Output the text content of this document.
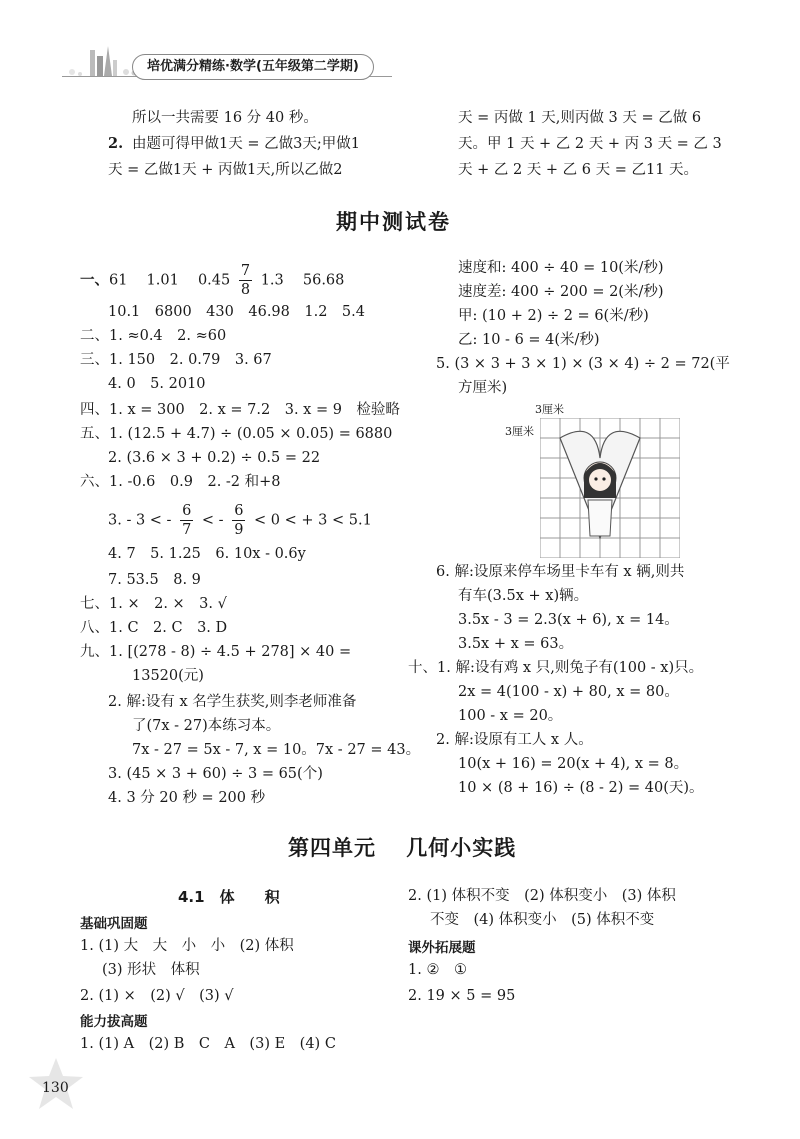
培优满分精练·数学(五年级第二学期)
所以一共需要 16 分 40 秒。
2. 由题可得甲做1天 = 乙做3天;甲做1
天 = 乙做1天 + 丙做1天,所以乙做2
天 = 丙做 1 天,则丙做 3 天 = 乙做 6
天。甲 1 天 + 乙 2 天 + 丙 3 天 = 乙 3
天 + 乙 2 天 + 乙 6 天 = 乙11 天。
期中测试卷
一、61　 1.01　 $0.45 \frac{7}{8} 1.3$　 56.68
10.1　6800　430　46.98　1.2　5.4
二、1. ≈0.4　2. ≈60
三、1. 150　2. 0.79　3. 67
4. 0　5. 2010
四、1. x = 300　2. x = 7.2　3. x = 9　检验略
五、1. (12.5 + 4.7) ÷ (0.05 × 0.05) = 6880
2. (3.6 × 3 + 0.2) ÷ 0.5 = 22
六、1. -0.6　0.9　2. -2 和+8
3. - 3 < - $\frac{6}{7}$ < - $\frac{6}{9} < 0$ < + 3 < 5.1
4. 7　5. 1.25　6. 10x - 0.6y
7. 53.5　8. 9
七、1. ×　2. ×　3. √
八、1. C　2. C　3. D
九、1. [(278 - 8) ÷ 4.5 + 278] × 40 =
13520(元)
2. 解:设有 x 名学生获奖,则李老师准备
了(7x - 27)本练习本。
7x - 27 = 5x - 7, x = 10。7x - 27 = 43。
3. (45 × 3 + 60) ÷ 3 = 65(个)
4. 3 分 20 秒 = 200 秒
速度和: 400 ÷ 40 = 10(米/秒)
速度差: 400 ÷ 200 = 2(米/秒)
甲: (10 + 2) ÷ 2 = 6(米/秒)
乙: 10 - 6 = 4(米/秒)
5. (3 × 3 + 3 × 1) × (3 × 4) ÷ 2 = 72(平
方厘米)
3厘米
3厘米
6. 解:设原来停车场里卡车有 x 辆,则共
有车(3.5x + x)辆。
3.5x - 3 = 2.3(x + 6), x = 14。
3.5x + x = 63。
十、1. 解:设有鸡 x 只,则兔子有(100 - x)只。
2x = 4(100 - x) + 80, x = 80。
100 - x = 20。
2. 解:设原有工人 x 人。
10(x + 16) = 20(x + 4), x = 8。
10 × (8 + 16) ÷ (8 - 2) = 40(天)。
第四单元　 几何小实践
4.1　体　　积
基础巩固题
1. (1) 大　大　小　小　(2) 体积
(3) 形状　体积
2. (1) ×　(2) √　(3) √
能力拔高题
1. (1) A　(2) B　C　A　(3) E　(4) C
2. (1) 体积不变　(2) 体积变小　(3) 体积
不变　(4) 体积变小　(5) 体积不变
课外拓展题
1. ②　①
2. 19 × 5 = 95
130
